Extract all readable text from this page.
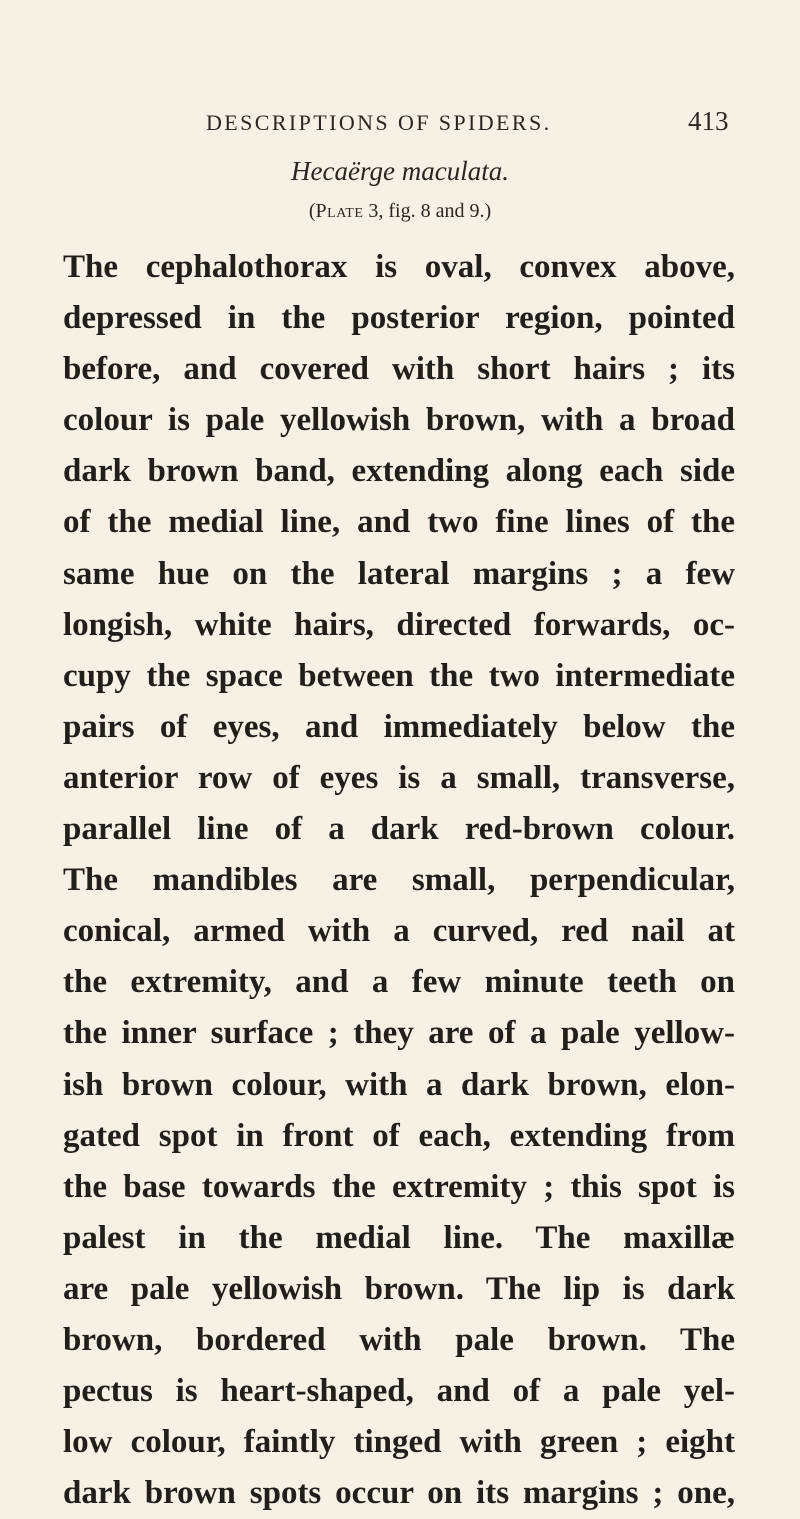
DESCRIPTIONS OF SPIDERS.	413
Hecaërge maculata.
(Plate 3, fig. 8 and 9.)
The cephalothorax is oval, convex above,
depressed in the posterior region, pointed
before, and covered with short hairs ; its
colour is pale yellowish brown, with a broad
dark brown band, extending along each side
of the medial line, and two fine lines of the
same hue on the lateral margins ; a few
longish, white hairs, directed forwards, oc-
cupy the space between the two intermediate
pairs of eyes, and immediately below the
anterior row of eyes is a small, transverse,
parallel line of a dark red-brown colour.
The mandibles are small, perpendicular,
conical, armed with a curved, red nail at
the extremity, and a few minute teeth on
the inner surface ; they are of a pale yellow-
ish brown colour, with a dark brown, elon-
gated spot in front of each, extending from
the base towards the extremity ; this spot is
palest in the medial line. The maxillæ
are pale yellowish brown. The lip is dark
brown, bordered with pale brown. The
pectus is heart-shaped, and of a pale yel-
low colour, faintly tinged with green ; eight
dark brown spots occur on its margins ; one,
